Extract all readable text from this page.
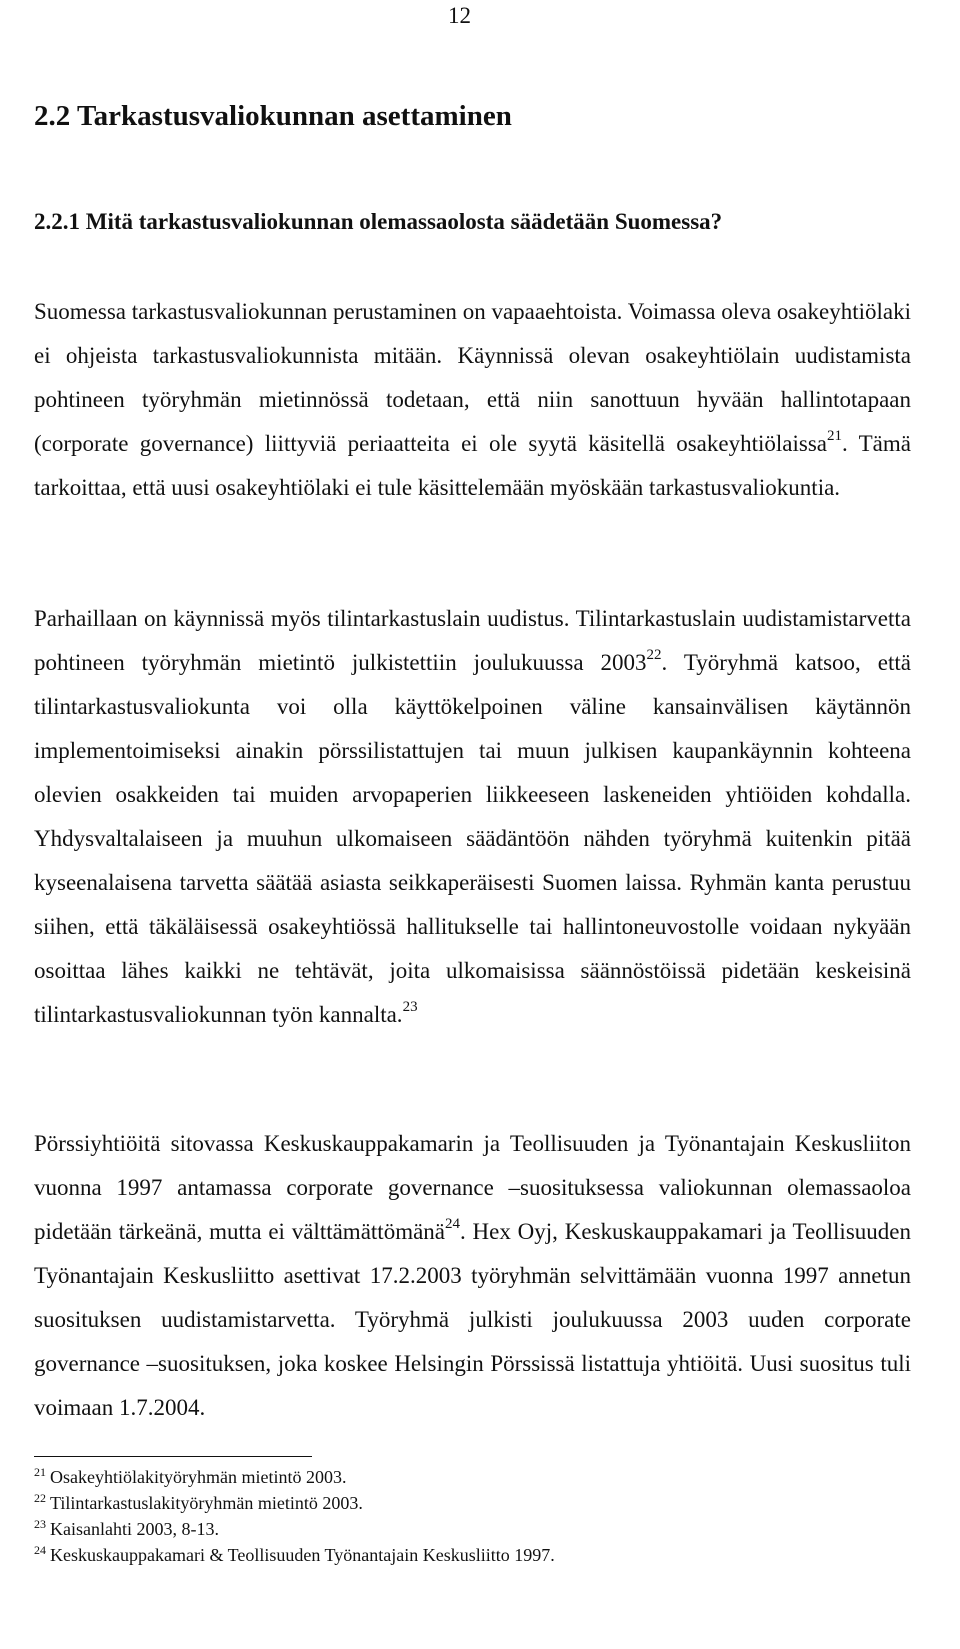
12
2.2 Tarkastusvaliokunnan asettaminen
2.2.1 Mitä tarkastusvaliokunnan olemassaolosta säädetään Suomessa?

Suomessa tarkastusvaliokunnan perustaminen on vapaaehtoista. Voimassa oleva osakeyhtiölaki ei ohjeista tarkastusvaliokunnista mitään. Käynnissä olevan osakeyhtiölain uudistamista pohtineen työryhmän mietinnössä todetaan, että niin sanottuun hyvään hallintotapaan (corporate governance) liittyviä periaatteita ei ole syytä käsitellä osakeyhtiölaissa$^{21}$. Tämä tarkoittaa, että uusi osakeyhtiölaki ei tule käsittelemään myöskään tarkastusvaliokuntia.

Parhaillaan on käynnissä myös tilintarkastuslain uudistus. Tilintarkastuslain uudistamistarvetta pohtineen työryhmän mietintö julkistettiin joulukuussa 2003$^{22}$. Työryhmä katsoo, että tilintarkastusvaliokunta voi olla käyttökelpoinen väline kansainvälisen käytännön implementoimiseksi ainakin pörssilistattujen tai muun julkisen kaupankäynnin kohteena olevien osakkeiden tai muiden arvopaperien liikkeeseen laskeneiden yhtiöiden kohdalla. Yhdysvaltalaiseen ja muuhun ulkomaiseen säädäntöön nähden työryhmä kuitenkin pitää kyseenalaisena tarvetta säätää asiasta seikkaperäisesti Suomen laissa. Ryhmän kanta perustuu siihen, että täkäläisessä osakeyhtiössä hallitukselle tai hallintoneuvostolle voidaan nykyään osoittaa lähes kaikki ne tehtävät, joita ulkomaisissa säännöstöissä pidetään keskeisinä tilintarkastusvaliokunnan työn kannalta.$^{23}$

Pörssiyhtiöitä sitovassa Keskuskauppakamarin ja Teollisuuden ja Työnantajain Keskusliiton vuonna 1997 antamassa corporate governance –suosituksessa valiokunnan olemassaoloa pidetään tärkeänä, mutta ei välttämättömänä$^{24}$. Hex Oyj, Keskuskauppakamari ja Teollisuuden Työnantajain Keskusliitto asettivat 17.2.2003 työryhmän selvittämään vuonna 1997 annetun suosituksen uudistamistarvetta. Työryhmä julkisti joulukuussa 2003 uuden corporate governance –suosituksen, joka koskee Helsingin Pörssissä listattuja yhtiöitä. Uusi suositus tuli voimaan 1.7.2004.

$^{21}$ Osakeyhtiölakityöryhmän mietintö 2003.
$^{22}$ Tilintarkastuslakityöryhmän mietintö 2003.
$^{23}$ Kaisanlahti 2003, 8-13.
$^{24}$ Keskuskauppakamari & Teollisuuden Työnantajain Keskusliitto 1997.
